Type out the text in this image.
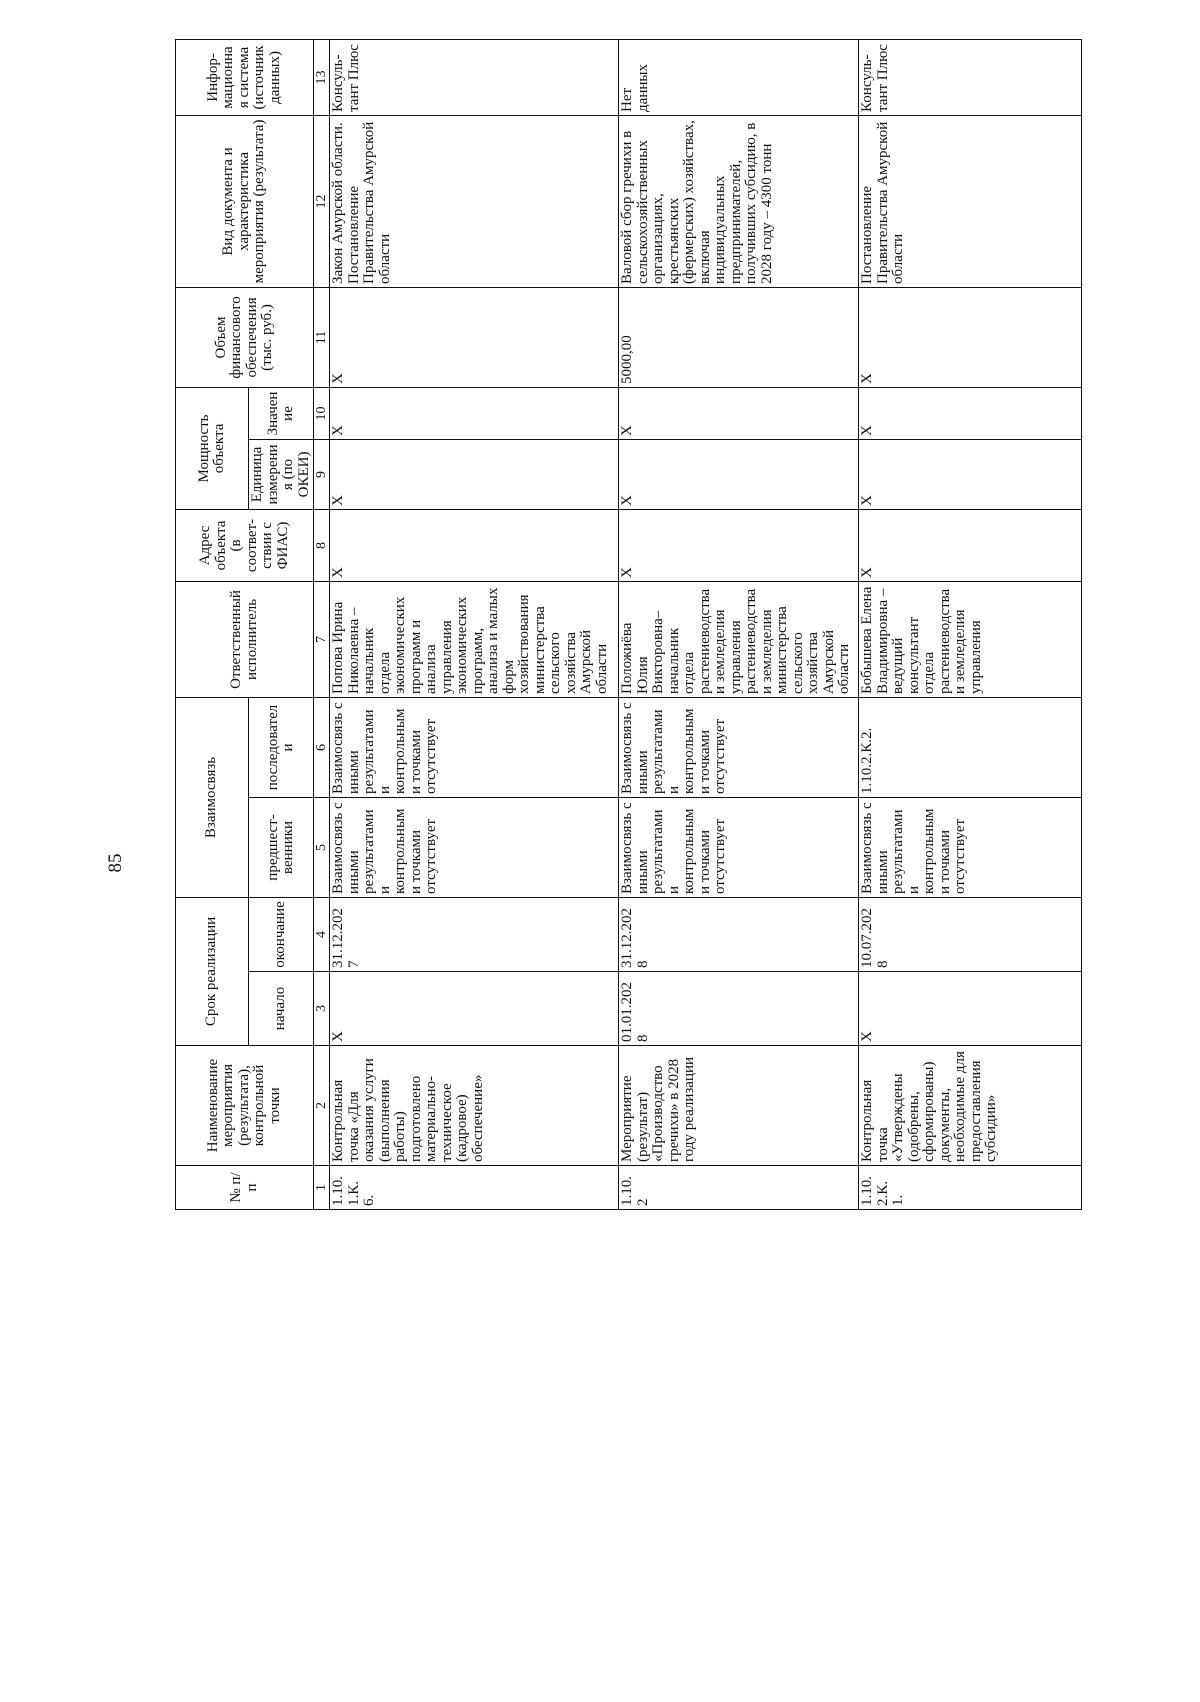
85
№ п/п	Наименование мероприятия (результата), контрольной точки	Срок реализации		Взаимосвязь		Ответственный исполнитель	Адрес объекта (в соответ-ствии с ФИАС)	Мощность объекта		Объем финансового обеспечения (тыс. руб.)	Вид документа и характеристика мероприятия (результата)	Инфор-мационная система (источник данных)
		начало	окончание	предшест-венники	последователи			Единица измерения (по ОКЕИ)	Значение			
1	2	3	4	5	6	7	8	9	10	11	12	13
1.10.1.К. 6.	Контрольная точка «Для оказания услуги (выполнения работы) подготовлено материально-техническое (кадровое) обеспечение»	X	31.12.2027	Взаимосвязь с иными результатами и контрольными точками отсутствует	Взаимосвязь с иными результатами и контрольными точками отсутствует	Попова Ирина Николаевна – начальник отдела экономических программ и анализа управления экономических программ, анализа и малых форм хозяйствования министерства сельского хозяйства Амурской области	X	X	X	X	Закон Амурской области. Постановление Правительства Амурской области	Консуль-тант Плюс
1.10.2	Мероприятие (результат) «Производство гречихи» в 2028 году реализации	01.01.2028	31.12.2028	Взаимосвязь с иными результатами и контрольными точками отсутствует	Взаимосвязь с иными результатами и контрольными точками отсутствует	Положиёва Юлия Викторовна– начальник отдела растениеводства и земледелия управления растениеводства и земледелия министерства сельского хозяйства Амурской области	X	X	X	5000,00	Валовой сбор гречихи в сельскохозяйственных организациях, крестьянских (фермерских) хозяйствах, включая индивидуальных предпринимателей, получивших субсидию, в 2028 году – 4300 тонн	Нет данных
1.10.2.К. 1.	Контрольная точка «Утверждены (одобрены, сформированы) документы, необходимые для предоставления субсидии»	X	10.07.2028	Взаимосвязь с иными результатами и контрольными точками отсутствует	1.10.2.К.2.	Бобышева Елена Владимировна – ведущий консультант отдела растениеводства и земледелия управления	X	X	X	X	Постановление Правительства Амурской области	Консуль-тант Плюс
